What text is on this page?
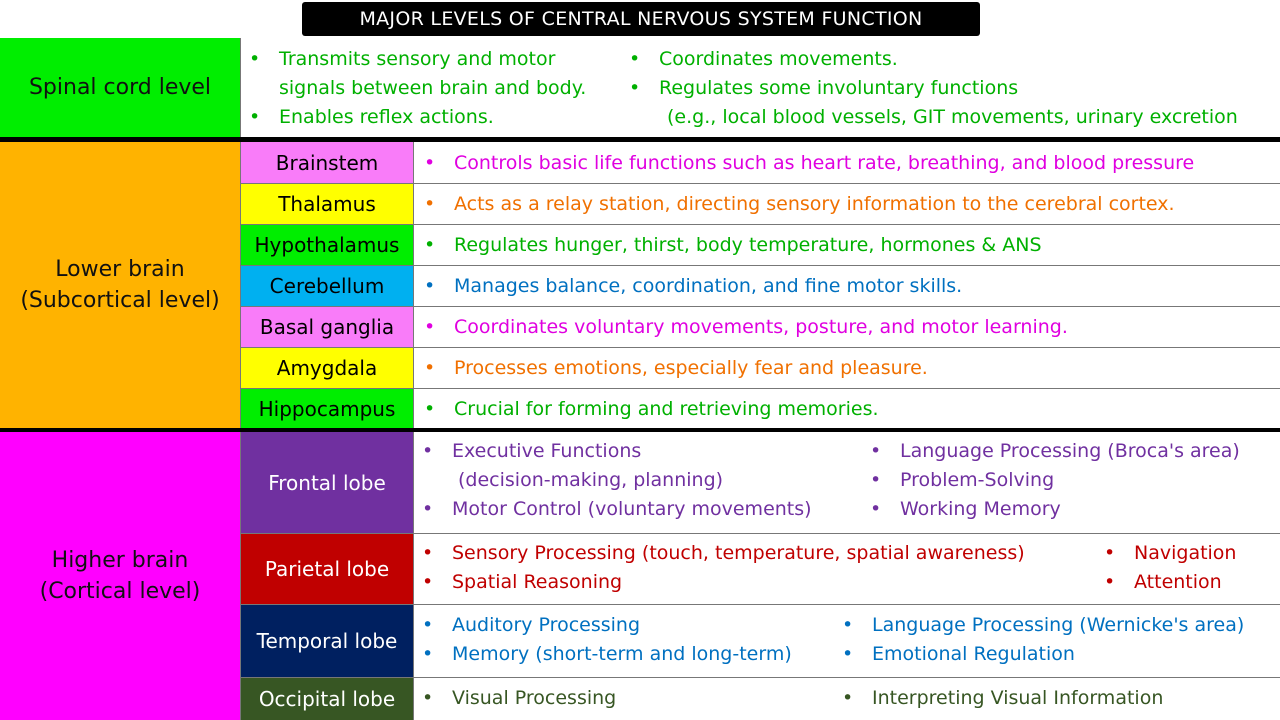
MAJOR LEVELS OF CENTRAL NERVOUS SYSTEM FUNCTION
Spinal cord level
• Transmits sensory and motor
signals between brain and body.
• Enables reflex actions.
• Coordinates movements.
• Regulates some involuntary functions
(e.g., local blood vessels, GIT movements, urinary excretion
Lower brain
(Subcortical level)
Brainstem • Controls basic life functions such as heart rate, breathing, and blood pressure
Thalamus	• Acts as a relay station, directing sensory information to the cerebral cortex.
Hypothalamus • Regulates hunger, thirst, body temperature, hormones & ANS
Cerebellum • Manages balance, coordination, and fine motor skills.
Basal ganglia • Coordinates voluntary movements, posture, and motor learning.
Amygdala • Processes emotions, especially fear and pleasure.
Hippocampus • Crucial for forming and retrieving memories.
Higher brain
(Cortical level)
Frontal lobe
• Executive Functions
(decision-making, planning)
• Motor Control (voluntary movements)
• Language Processing (Broca's area)
• Problem-Solving
• Working Memory
Parietal lobe
• Sensory Processing (touch, temperature, spatial awareness)
• Spatial Reasoning
• Navigation
• Attention
Temporal lobe
• Auditory Processing
• Memory (short-term and long-term)
• Language Processing (Wernicke's area)
• Emotional Regulation
Occipital lobe • Visual Processing	• Interpreting Visual Information
